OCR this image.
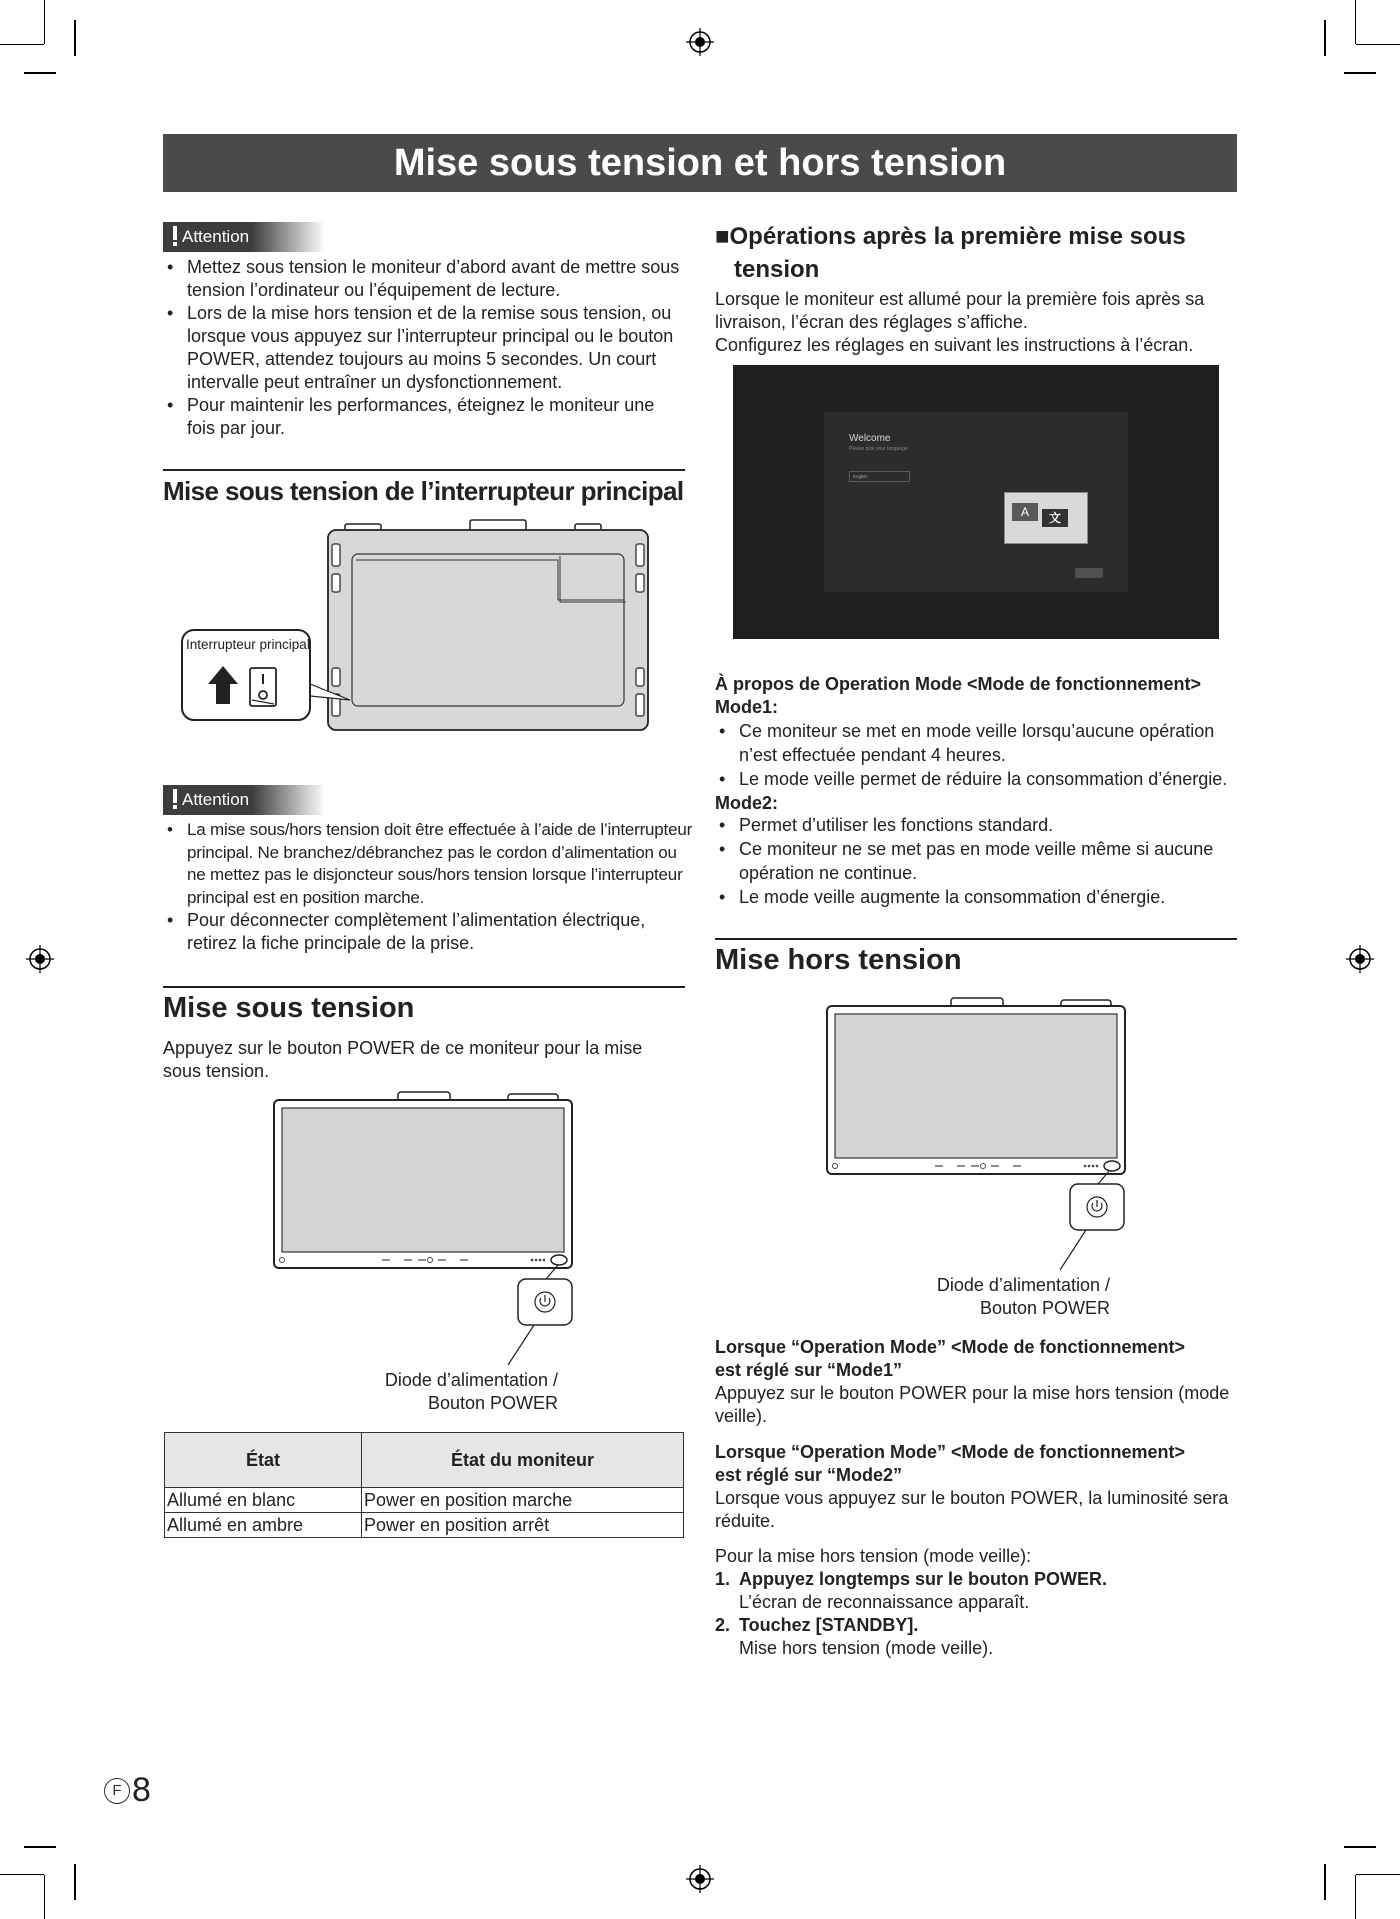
Mise sous tension et hors tension
Attention
• Mettez sous tension le moniteur d’abord avant de mettre sous tension l’ordinateur ou l’équipement de lecture.
• Lors de la mise hors tension et de la remise sous tension, ou lorsque vous appuyez sur l’interrupteur principal ou le bouton POWER, attendez toujours au moins 5 secondes. Un court intervalle peut entraîner un dysfonctionnement.
• Pour maintenir les performances, éteignez le moniteur une fois par jour.
Mise sous tension de l’interrupteur principal
Interrupteur principal
Attention
• La mise sous/hors tension doit être effectuée à l’aide de l’interrupteur principal. Ne branchez/débranchez pas le cordon d’alimentation ou ne mettez pas le disjoncteur sous/hors tension lorsque l’interrupteur principal est en position marche.
• Pour déconnecter complètement l’alimentation électrique, retirez la fiche principale de la prise.
Mise sous tension

Appuyez sur le bouton POWER de ce moniteur pour la mise sous tension.

Diode d’alimentation /
Bouton POWER
État	État du moniteur
Allumé en blanc	Power en position marche
Allumé en ambre	Power en position arrêt
■Opérations après la première mise sous
tension

Lorsque le moniteur est allumé pour la première fois après sa livraison, l’écran des réglages s’affiche.

Configurez les réglages en suivant les instructions à l’écran.

Welcome
Please pick your language
English
A	文
Next
À propos de Operation Mode <Mode de fonctionnement>
Mode1:
• Ce moniteur se met en mode veille lorsqu’aucune opération n’est effectuée pendant 4 heures.
• Le mode veille permet de réduire la consommation d’énergie.
Mode2:
• Permet d’utiliser les fonctions standard.
• Ce moniteur ne se met pas en mode veille même si aucune opération ne continue.
• Le mode veille augmente la consommation d’énergie.
Mise hors tension
Diode d’alimentation /
Bouton POWER
Lorsque “Operation Mode” <Mode de fonctionnement>
est réglé sur “Mode1”

Appuyez sur le bouton POWER pour la mise hors tension (mode veille).

Lorsque “Operation Mode” <Mode de fonctionnement>
est réglé sur “Mode2”

Lorsque vous appuyez sur le bouton POWER, la luminosité sera réduite.

Pour la mise hors tension (mode veille):

1. Appuyez longtemps sur le bouton POWER.
L’écran de reconnaissance apparaît.
2. Touchez [STANDBY].
Mise hors tension (mode veille).
F 8
